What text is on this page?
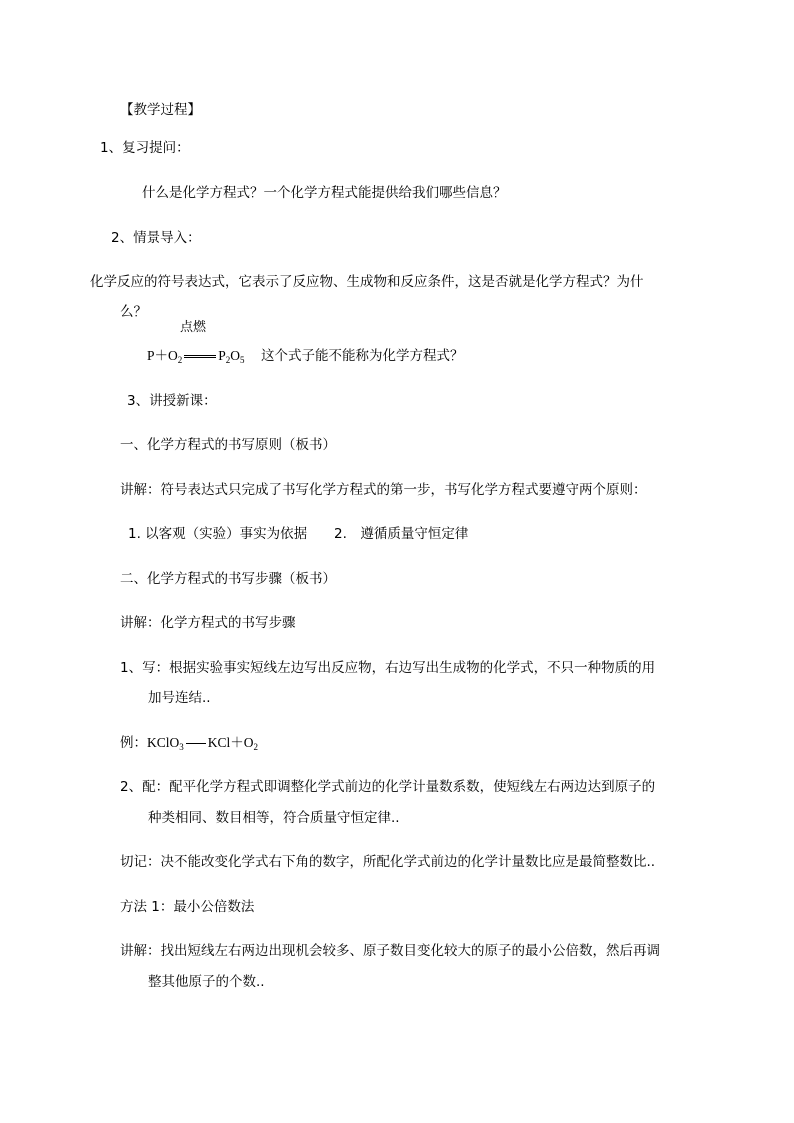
【教学过程】
1、复习提问：
什么是化学方程式？一个化学方程式能提供给我们哪些信息？
2、情景导入：
化学反应的符号表达式，它表示了反应物、生成物和反应条件，这是否就是化学方程式？为什
么？
点燃
$P+O_2$	$P_2O_5$ 这个式子能不能称为化学方程式？
3、讲授新课：
一、化学方程式的书写原则（板书）
讲解：符号表达式只完成了书写化学方程式的第一步，书写化学方程式要遵守两个原则：
1. 以客观（实验）事实为依据 2.　遵循质量守恒定律
二、化学方程式的书写步骤（板书）
讲解：化学方程式的书写步骤
1、写：根据实验事实短线左边写出反应物，右边写出生成物的化学式，不只一种物质的用
加号连结..
例：KClO$_3$ $KCl+O_2$
2、配：配平化学方程式即调整化学式前边的化学计量数系数，使短线左右两边达到原子的
种类相同、数目相等，符合质量守恒定律..
切记：决不能改变化学式右下角的数字，所配化学式前边的化学计量数比应是最简整数比..
方法 1：最小公倍数法
讲解：找出短线左右两边出现机会较多、原子数目变化较大的原子的最小公倍数，然后再调
整其他原子的个数..
